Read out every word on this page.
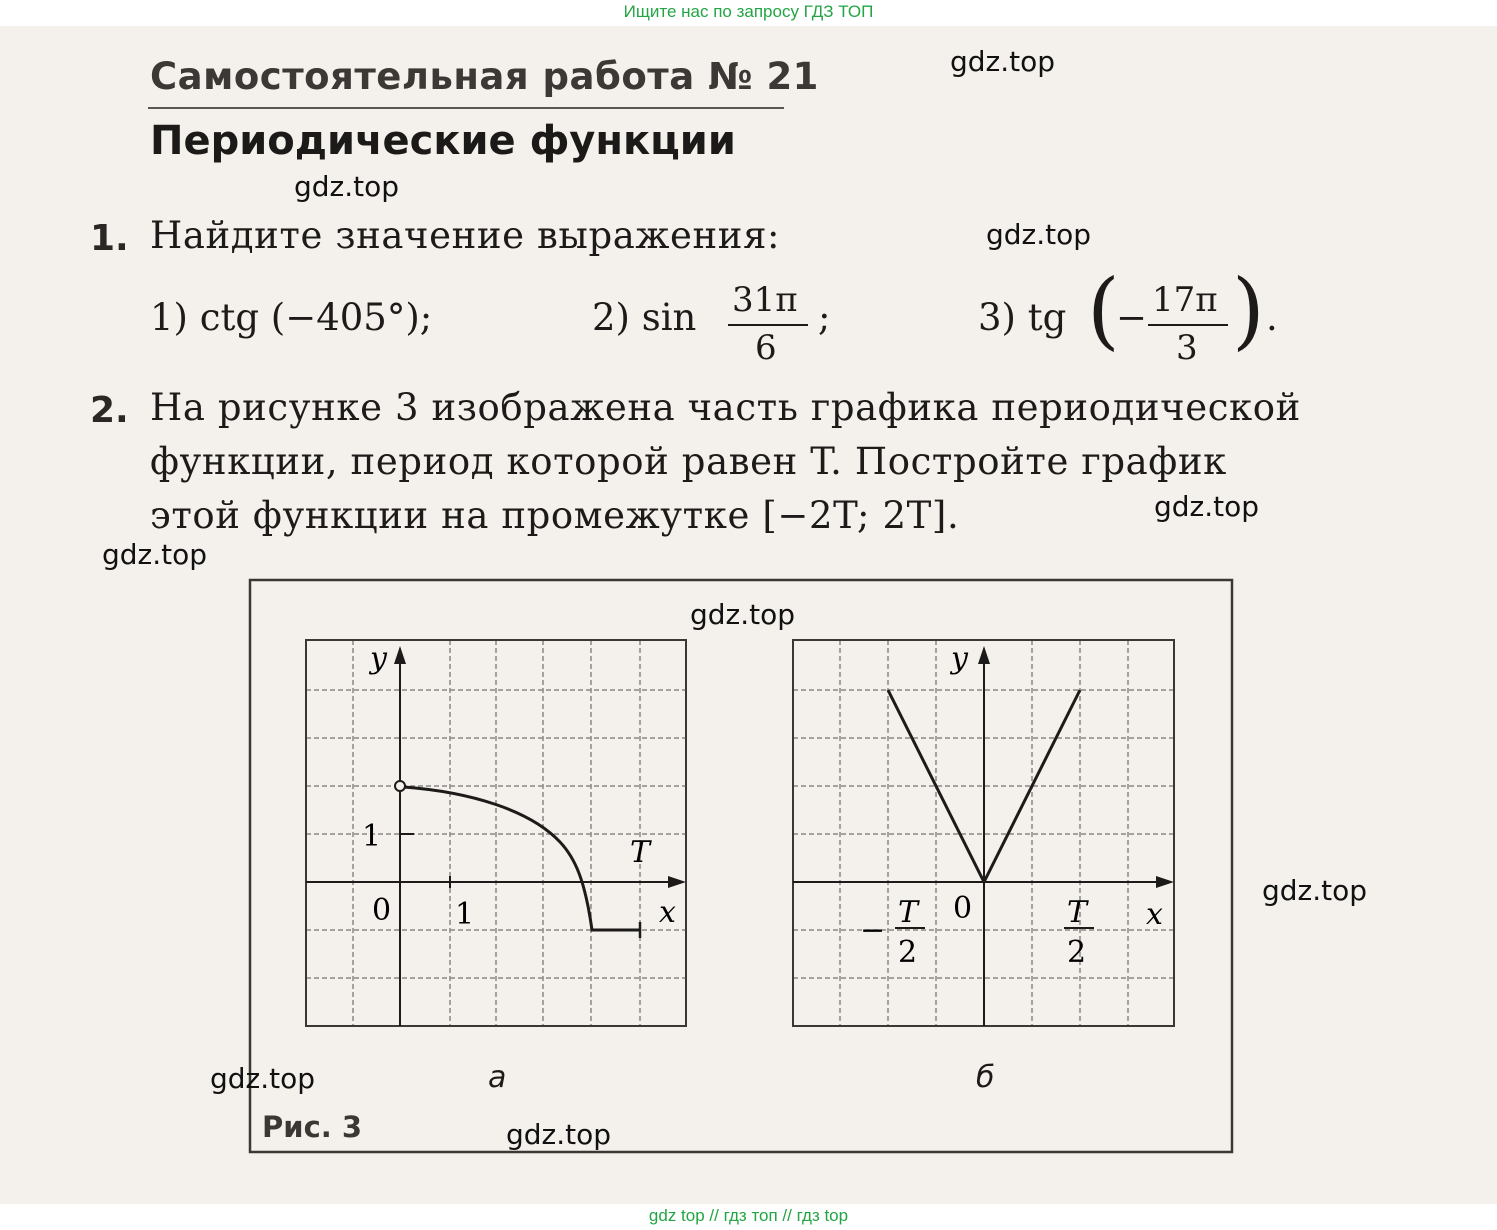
Ищите нас по запросу ГДЗ ТОП
Самостоятельная работа № 21
Периодические функции
1. Найдите значение выражения:
1) ctg (−405°);	2) sin 31π
6
;	3) tg (
− 17π
3 ) .
2. На рисунке 3 изображена часть графика периодической
функции, период которой равен T. Постройте график
этой функции на промежутке [−2T; 2T].
y
x
T
0 1
1
y
x
0
−
T
2
T
2
а	б
Рис. 3
gdz.top
gdz.top
gdz.top
gdz.top
gdz.top
gdz.top
gdz.top
gdz.top
gdz.top
gdz top // гдз топ // гдз top
